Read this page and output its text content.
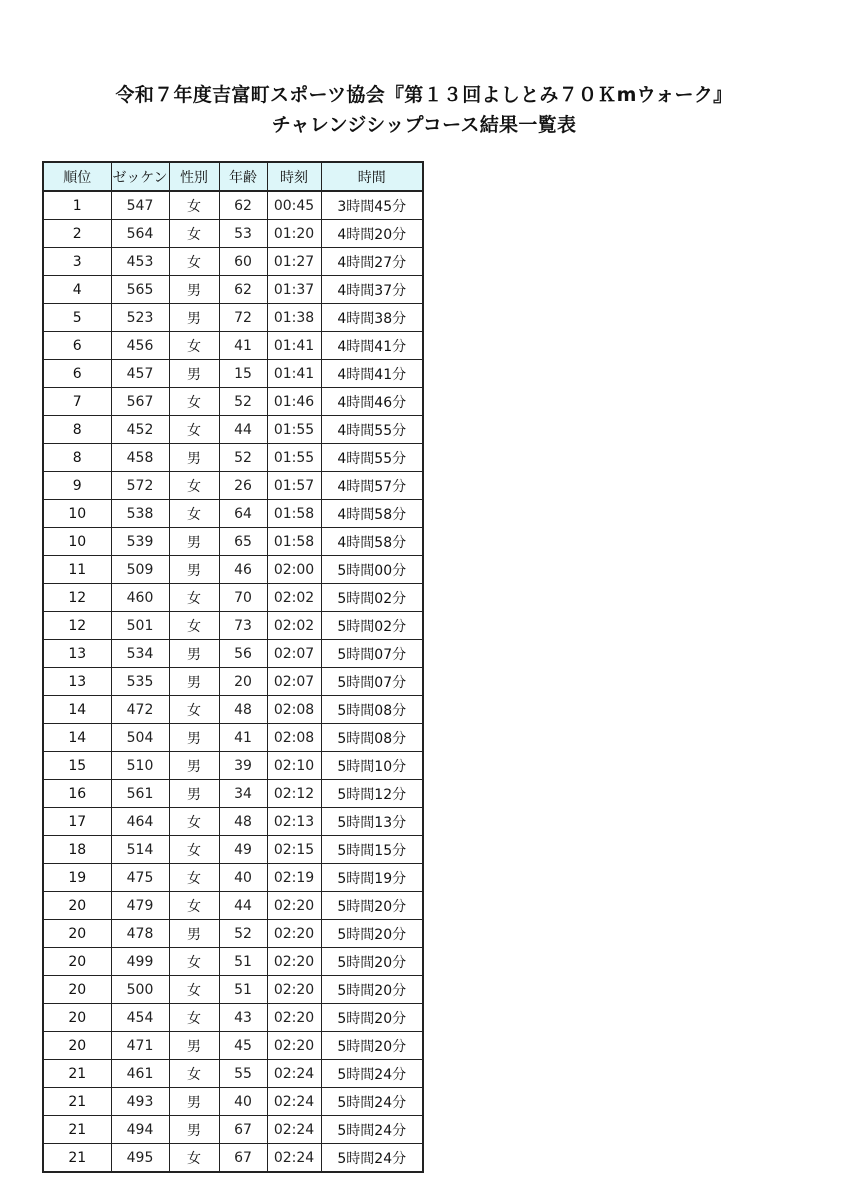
令和７年度吉富町スポーツ協会『第１３回よしとみ７０Ｋmウォーク』
チャレンジシップコース結果一覧表
順位	ゼッケン	性別	年齢	時刻	時間
1	547	女	62	00:45	3時間45分
2	564	女	53	01:20	4時間20分
3	453	女	60	01:27	4時間27分
4	565	男	62	01:37	4時間37分
5	523	男	72	01:38	4時間38分
6	456	女	41	01:41	4時間41分
6	457	男	15	01:41	4時間41分
7	567	女	52	01:46	4時間46分
8	452	女	44	01:55	4時間55分
8	458	男	52	01:55	4時間55分
9	572	女	26	01:57	4時間57分
10	538	女	64	01:58	4時間58分
10	539	男	65	01:58	4時間58分
11	509	男	46	02:00	5時間00分
12	460	女	70	02:02	5時間02分
12	501	女	73	02:02	5時間02分
13	534	男	56	02:07	5時間07分
13	535	男	20	02:07	5時間07分
14	472	女	48	02:08	5時間08分
14	504	男	41	02:08	5時間08分
15	510	男	39	02:10	5時間10分
16	561	男	34	02:12	5時間12分
17	464	女	48	02:13	5時間13分
18	514	女	49	02:15	5時間15分
19	475	女	40	02:19	5時間19分
20	479	女	44	02:20	5時間20分
20	478	男	52	02:20	5時間20分
20	499	女	51	02:20	5時間20分
20	500	女	51	02:20	5時間20分
20	454	女	43	02:20	5時間20分
20	471	男	45	02:20	5時間20分
21	461	女	55	02:24	5時間24分
21	493	男	40	02:24	5時間24分
21	494	男	67	02:24	5時間24分
21	495	女	67	02:24	5時間24分
